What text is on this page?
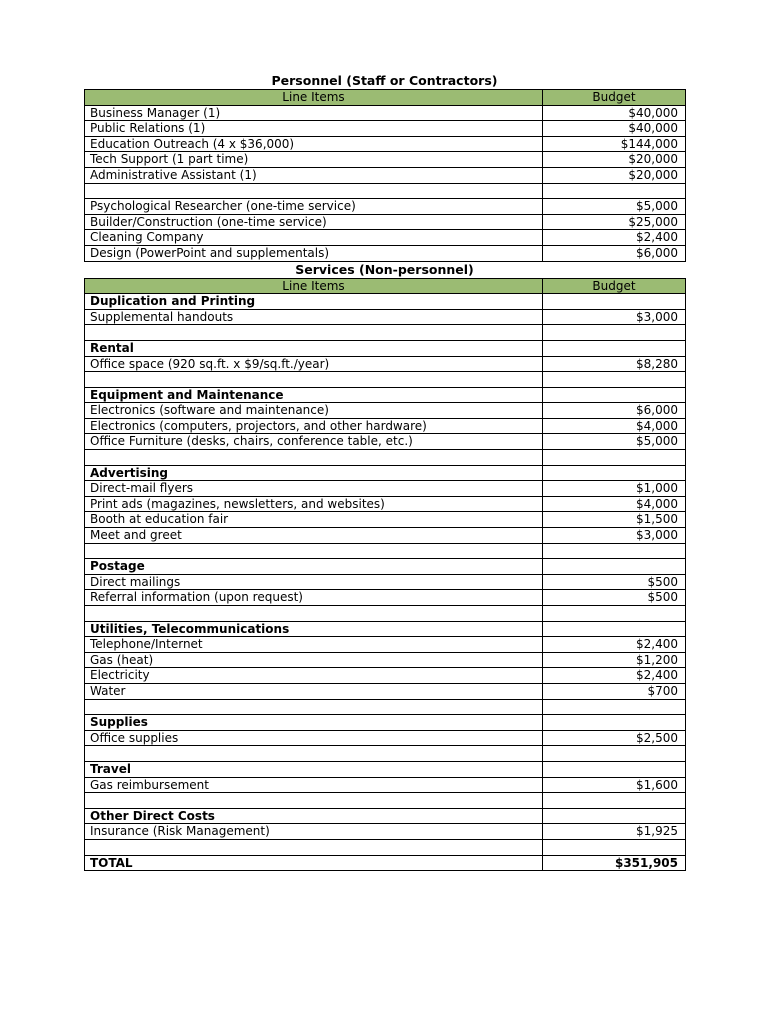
Personnel (Staff or Contractors)
Line Items	Budget
Business Manager (1)	$40,000
Public Relations (1)	$40,000
Education Outreach (4 x $36,000)	$144,000
Tech Support (1 part time)	$20,000
Administrative Assistant (1)	$20,000

Psychological Researcher (one-time service)	$5,000
Builder/Construction (one-time service)	$25,000
Cleaning Company	$2,400
Design (PowerPoint and supplementals)	$6,000
Services (Non-personnel)
Line Items	Budget
Duplication and Printing	
Supplemental handouts	$3,000

Rental	
Office space (920 sq.ft. x $9/sq.ft./year)	$8,280

Equipment and Maintenance	
Electronics (software and maintenance)	$6,000
Electronics (computers, projectors, and other hardware)	$4,000
Office Furniture (desks, chairs, conference table, etc.)	$5,000

Advertising	
Direct-mail flyers	$1,000
Print ads (magazines, newsletters, and websites)	$4,000
Booth at education fair	$1,500
Meet and greet	$3,000

Postage	
Direct mailings	$500
Referral information (upon request)	$500

Utilities, Telecommunications	
Telephone/Internet	$2,400
Gas (heat)	$1,200
Electricity	$2,400
Water	$700

Supplies	
Office supplies	$2,500

Travel	
Gas reimbursement	$1,600

Other Direct Costs	
Insurance (Risk Management)	$1,925

TOTAL	$351,905
